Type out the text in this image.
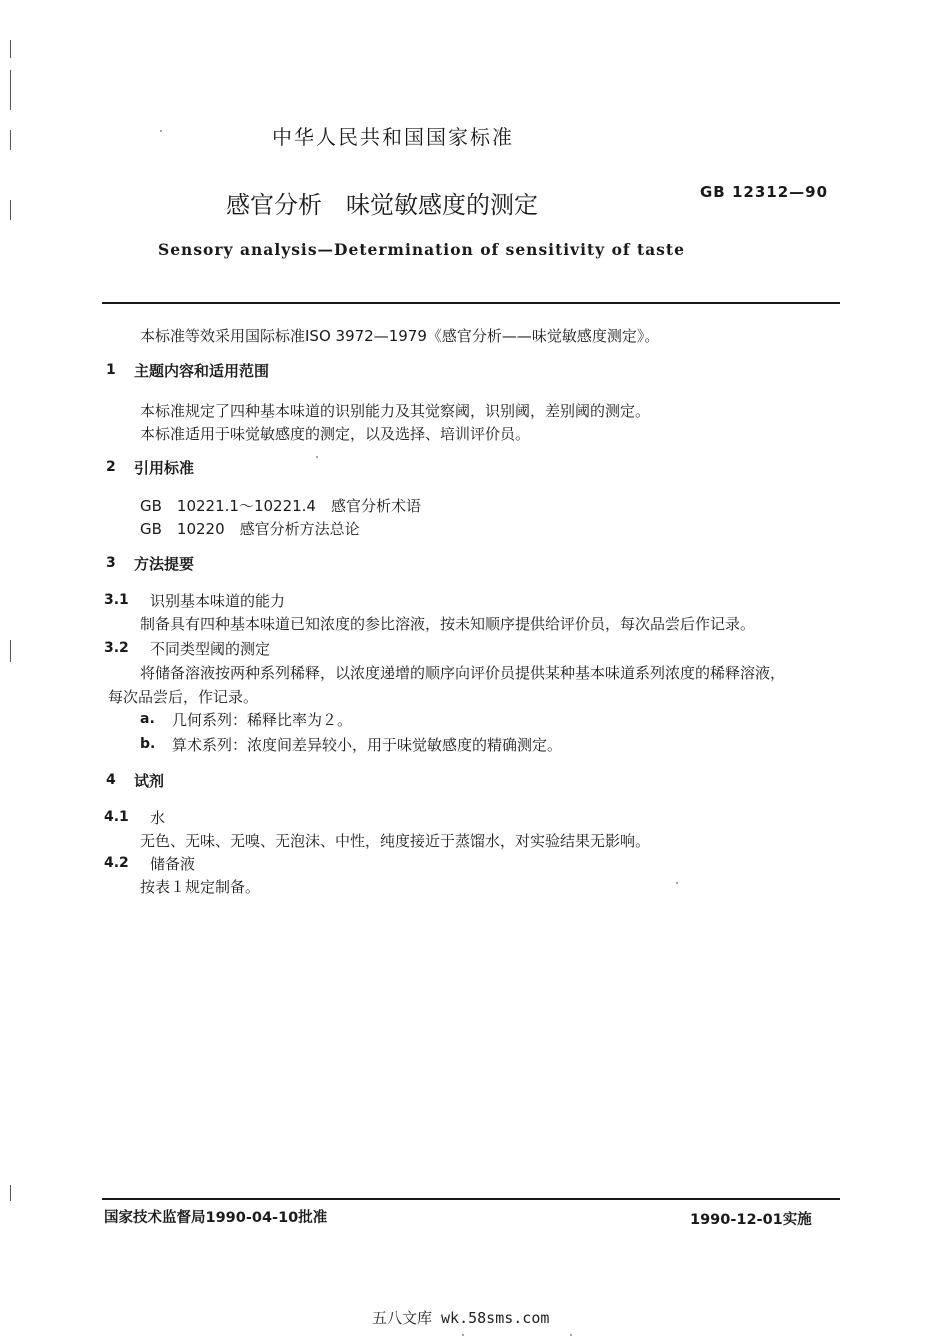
中华人民共和国国家标准
GB 12312—90
感官分析　味觉敏感度的测定
Sensory analysis—Determination of sensitivity of taste
本标准等效采用国际标准ISO 3972—1979《感官分析——味觉敏感度测定》。
1 主题内容和适用范围
本标准规定了四种基本味道的识别能力及其觉察阈，识别阈，差别阈的测定。
本标准适用于味觉敏感度的测定，以及选择、培训评价员。
2 引用标准
GB　10221.1～10221.4　感官分析术语
GB　10220　感官分析方法总论
3 方法提要
3.1 识别基本味道的能力
制备具有四种基本味道已知浓度的参比溶液，按未知顺序提供给评价员，每次品尝后作记录。
3.2 不同类型阈的测定
将储备溶液按两种系列稀释，以浓度递增的顺序向评价员提供某种基本味道系列浓度的稀释溶液，
每次品尝后，作记录。
a. 几何系列：稀释比率为２。
b. 算术系列：浓度间差异较小，用于味觉敏感度的精确测定。
4 试剂
4.1 水
无色、无味、无嗅、无泡沫、中性，纯度接近于蒸馏水，对实验结果无影响。
4.2 储备液
按表１规定制备。
国家技术监督局1990-04-10批准	1990-12-01实施
五八文库 wk.58sms.com
